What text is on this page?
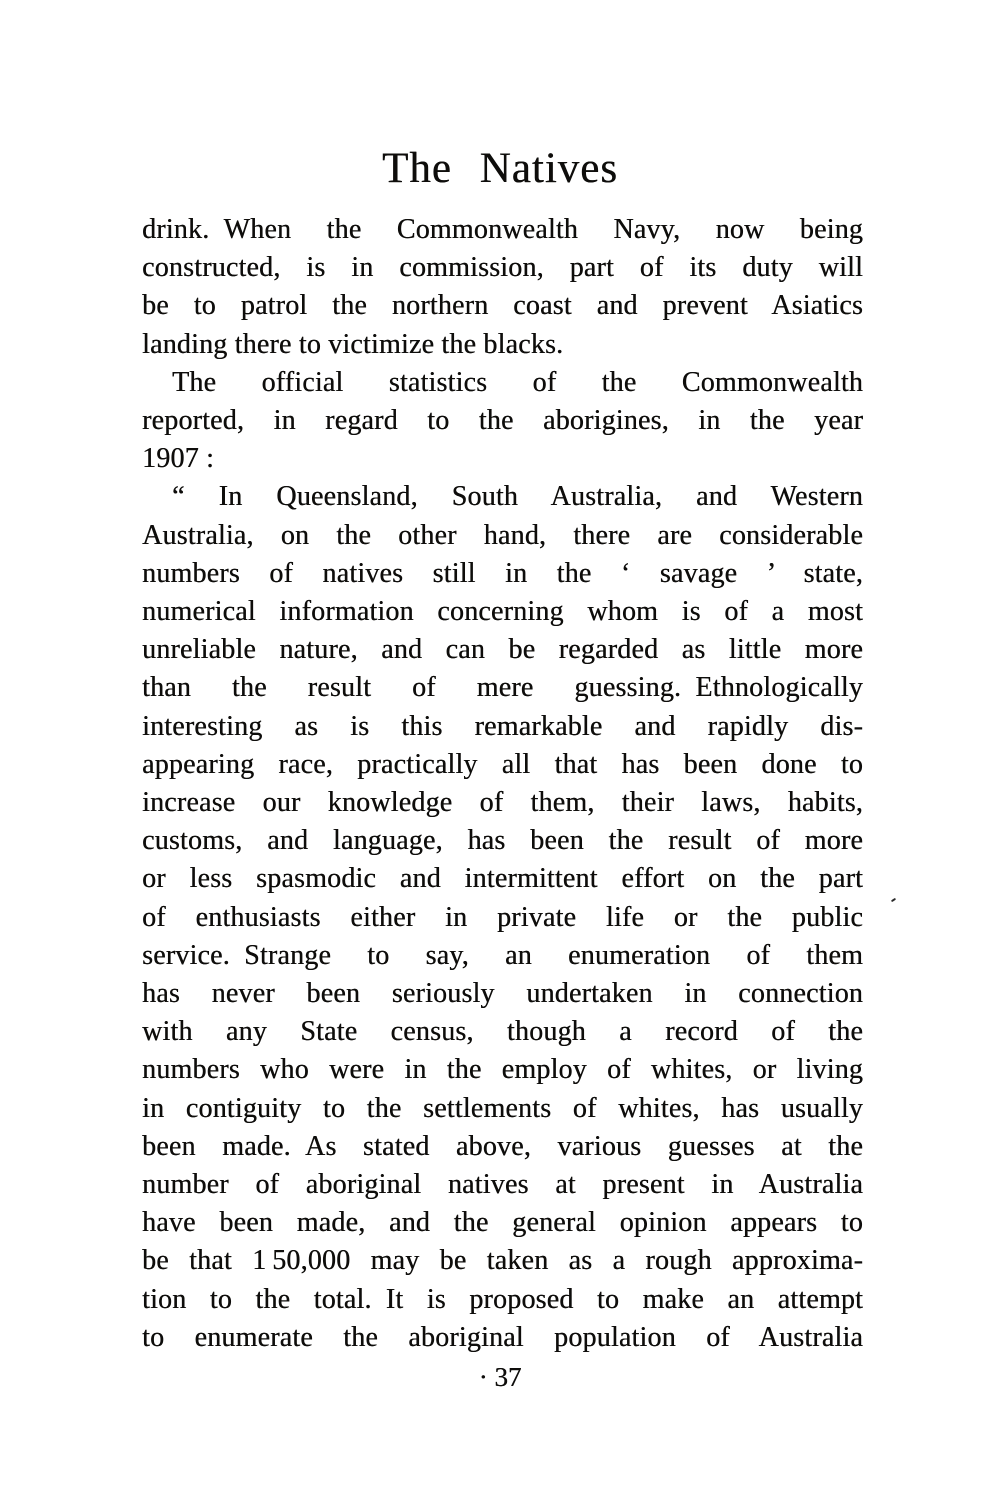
The Natives
drink. When the Commonwealth Navy, now being
constructed, is in commission, part of its duty will
be to patrol the northern coast and prevent Asiatics
landing there to victimize the blacks.
The official statistics of the Commonwealth
reported, in regard to the aborigines, in the year
1907 :
“ In Queensland, South Australia, and Western
Australia, on the other hand, there are considerable
numbers of natives still in the ‘ savage ’ state,
numerical information concerning whom is of a most
unreliable nature, and can be regarded as little more
than the result of mere guessing. Ethnologically
interesting as is this remarkable and rapidly dis-
appearing race, practically all that has been done to
increase our knowledge of them, their laws, habits,
customs, and language, has been the result of more
or less spasmodic and intermittent effort on the part
of enthusiasts either in private life or the public
service. Strange to say, an enumeration of them
has never been seriously undertaken in connection
with any State census, though a record of the
numbers who were in the employ of whites, or living
in contiguity to the settlements of whites, has usually
been made. As stated above, various guesses at the
number of aboriginal natives at present in Australia
have been made, and the general opinion appears to
be that 1 50,000 may be taken as a rough approxima-
tion to the total. It is proposed to make an attempt
to enumerate the aboriginal population of Australia
· 37
